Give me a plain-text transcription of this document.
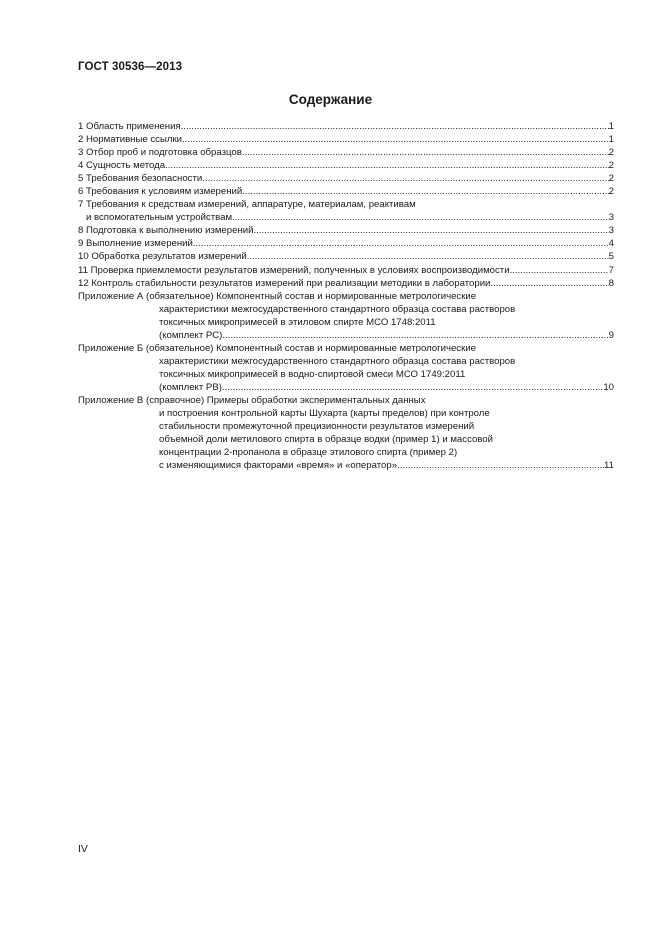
ГОСТ 30536—2013
Содержание
1 Область применения .....	1
2 Нормативные ссылки .....	1
3 Отбор проб и подготовка образцов .....	2
4 Сущность метода .....	2
5 Требования безопасности .....	2
6 Требования к условиям измерений .....	2
7 Требования к средствам измерений, аппаратуре, материалам, реактивам
и вспомогательным устройствам .....	3
8 Подготовка к выполнению измерений .....	3
9 Выполнение измерений .....	4
10 Обработка результатов измерений .....	5
11 Проверка приемлемости результатов измерений, полученных в условиях воспроизводимости .....	7
12 Контроль стабильности результатов измерений при реализации методики в лаборатории .....	8
Приложение А (обязательное) Компонентный состав и нормированные метрологические
характеристики межгосударственного стандартного образца состава растворов
токсичных микропримесей в этиловом спирте МСО 1748:2011
(комплект РС) .....	9
Приложение Б (обязательное) Компонентный состав и нормированные метрологические
характеристики межгосударственного стандартного образца состава растворов
токсичных микропримесей в водно-спиртовой смеси МСО 1749:2011
(комплект РВ) .....	10
Приложение В (справочное) Примеры обработки экспериментальных данных
и построения контрольной карты Шухарта (карты пределов) при контроле
стабильности промежуточной прецизионности результатов измерений
объемной доли метилового спирта в образце водки (пример 1) и массовой
концентрации 2-пропанола в образце этилового спирта (пример 2)
с изменяющимися факторами «время» и «оператор» .....	11
IV
